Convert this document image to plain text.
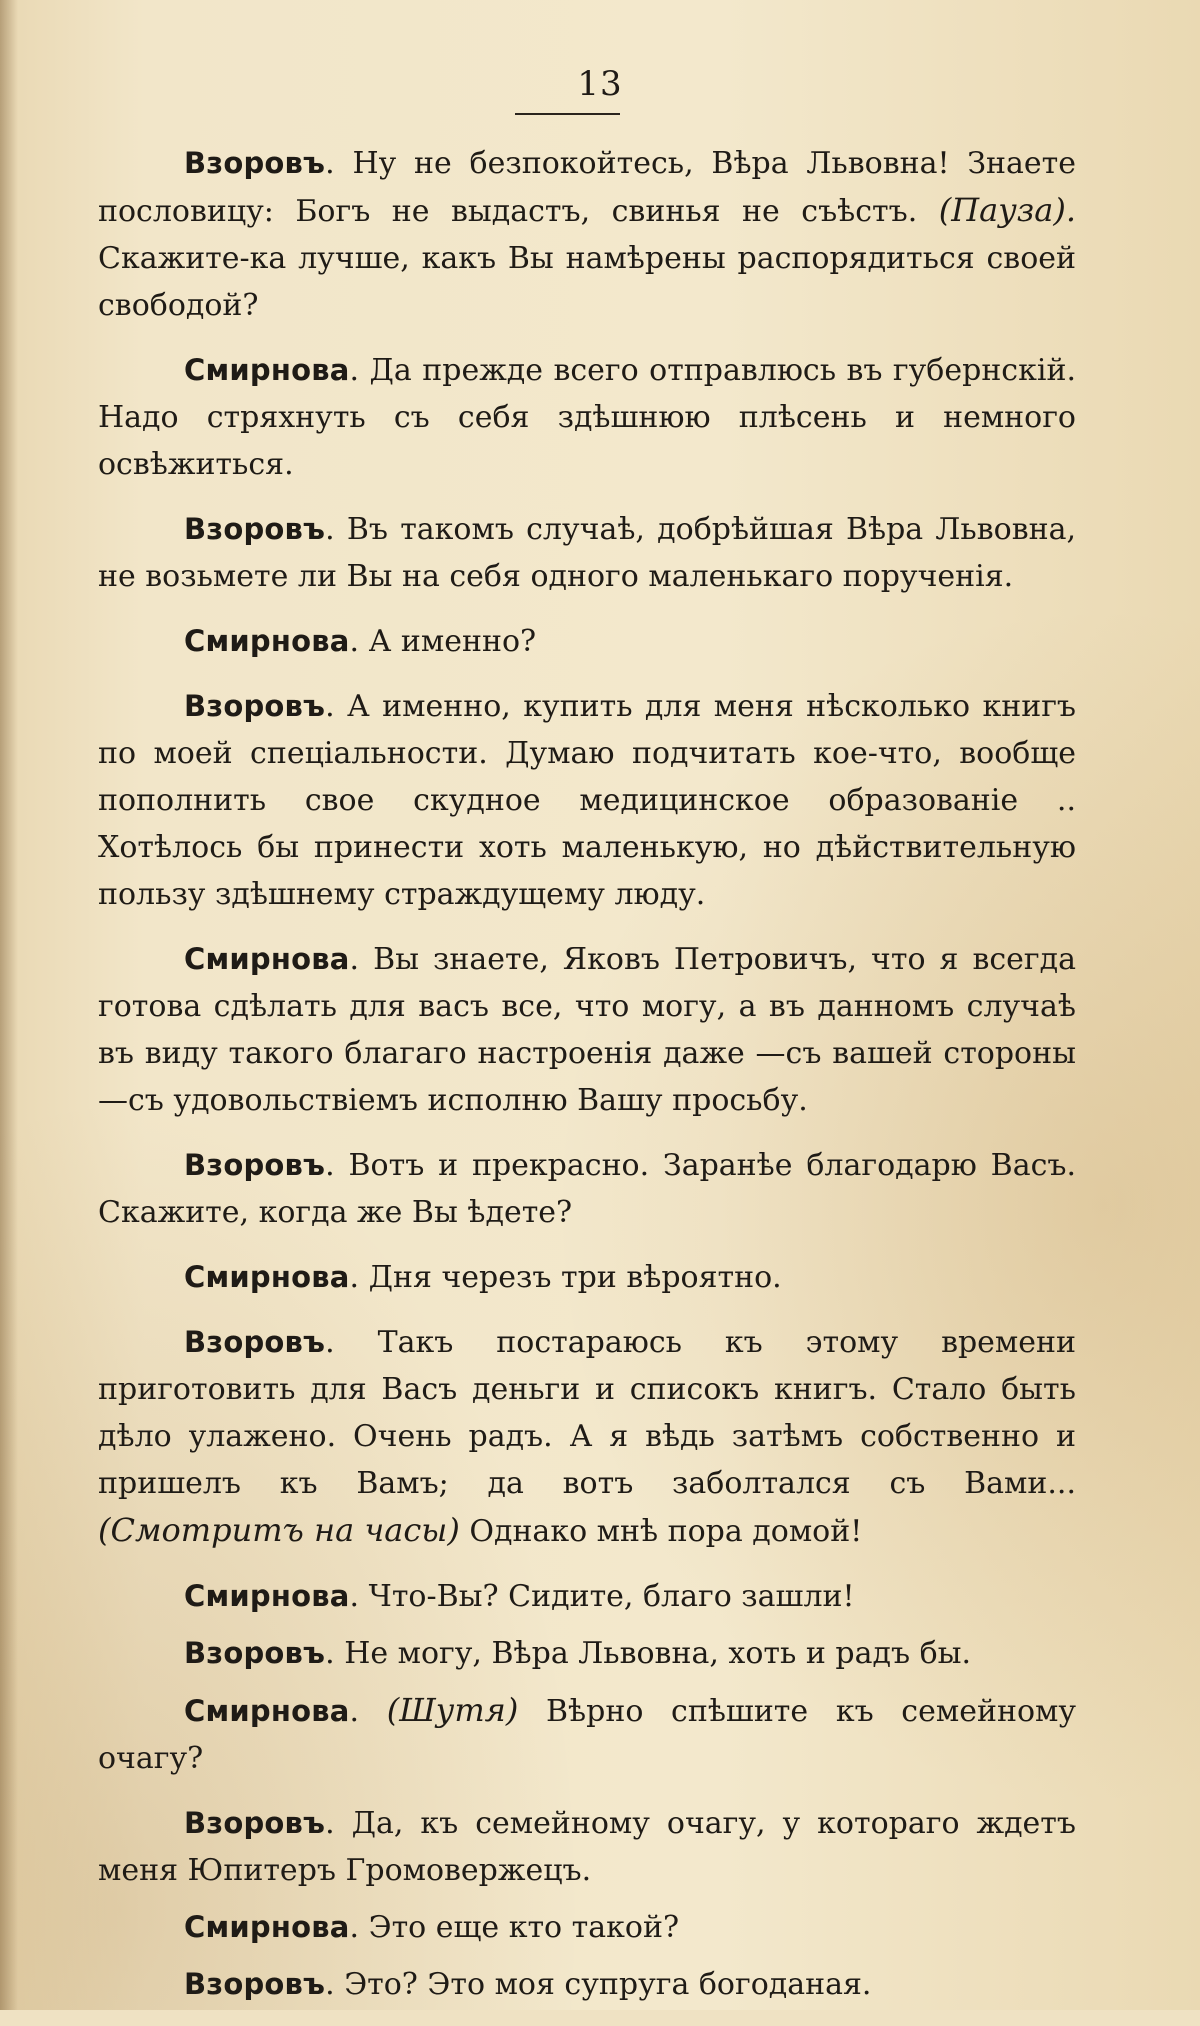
13

Взоровъ. Ну не безпокойтесь, Вѣра Львовна! Знаете пословицу: Богъ не выдастъ, свинья не съѣстъ. (Пауза). Скажите-ка лучше, какъ Вы намѣрены распорядиться своей свободой?

Смирнова. Да прежде всего отправлюсь въ губернскій. Надо стряхнуть съ себя здѣшнюю плѣсень и немного освѣжиться.

Взоровъ. Въ такомъ случаѣ, добрѣйшая Вѣра Львовна, не возьмете ли Вы на себя одного маленькаго порученія.

Смирнова. А именно?

Взоровъ. А именно, купить для меня нѣсколько книгъ по моей спеціальности. Думаю подчитать кое-что, вообще пополнить свое скудное медицинское образованіе .. Хотѣлось бы принести хоть маленькую, но дѣйствительную пользу здѣшнему страждущему люду.

Смирнова. Вы знаете, Яковъ Петровичъ, что я всегда готова сдѣлать для васъ все, что могу, а въ данномъ случаѣ въ виду такого благаго настроенія даже —съ вашей стороны —съ удовольствіемъ исполню Вашу просьбу.

Взоровъ. Вотъ и прекрасно. Заранѣе благодарю Васъ. Скажите, когда же Вы ѣдете?

Смирнова. Дня черезъ три вѣроятно.

Взоровъ. Такъ постараюсь къ этому времени приготовить для Васъ деньги и списокъ книгъ. Стало быть дѣло улажено. Очень радъ. А я вѣдь затѣмъ собственно и пришелъ къ Вамъ; да вотъ заболтался съ Вами... (Смотритъ на часы) Однако мнѣ пора домой!

Смирнова. Что-Вы? Сидите, благо зашли!

Взоровъ. Не могу, Вѣра Львовна, хоть и радъ бы.

Смирнова. (Шутя) Вѣрно спѣшите къ семейному очагу?

Взоровъ. Да, къ семейному очагу, у котораго ждетъ меня Юпитеръ Громовержецъ.

Смирнова. Это еще кто такой?

Взоровъ. Это? Это моя супруга богоданая.
